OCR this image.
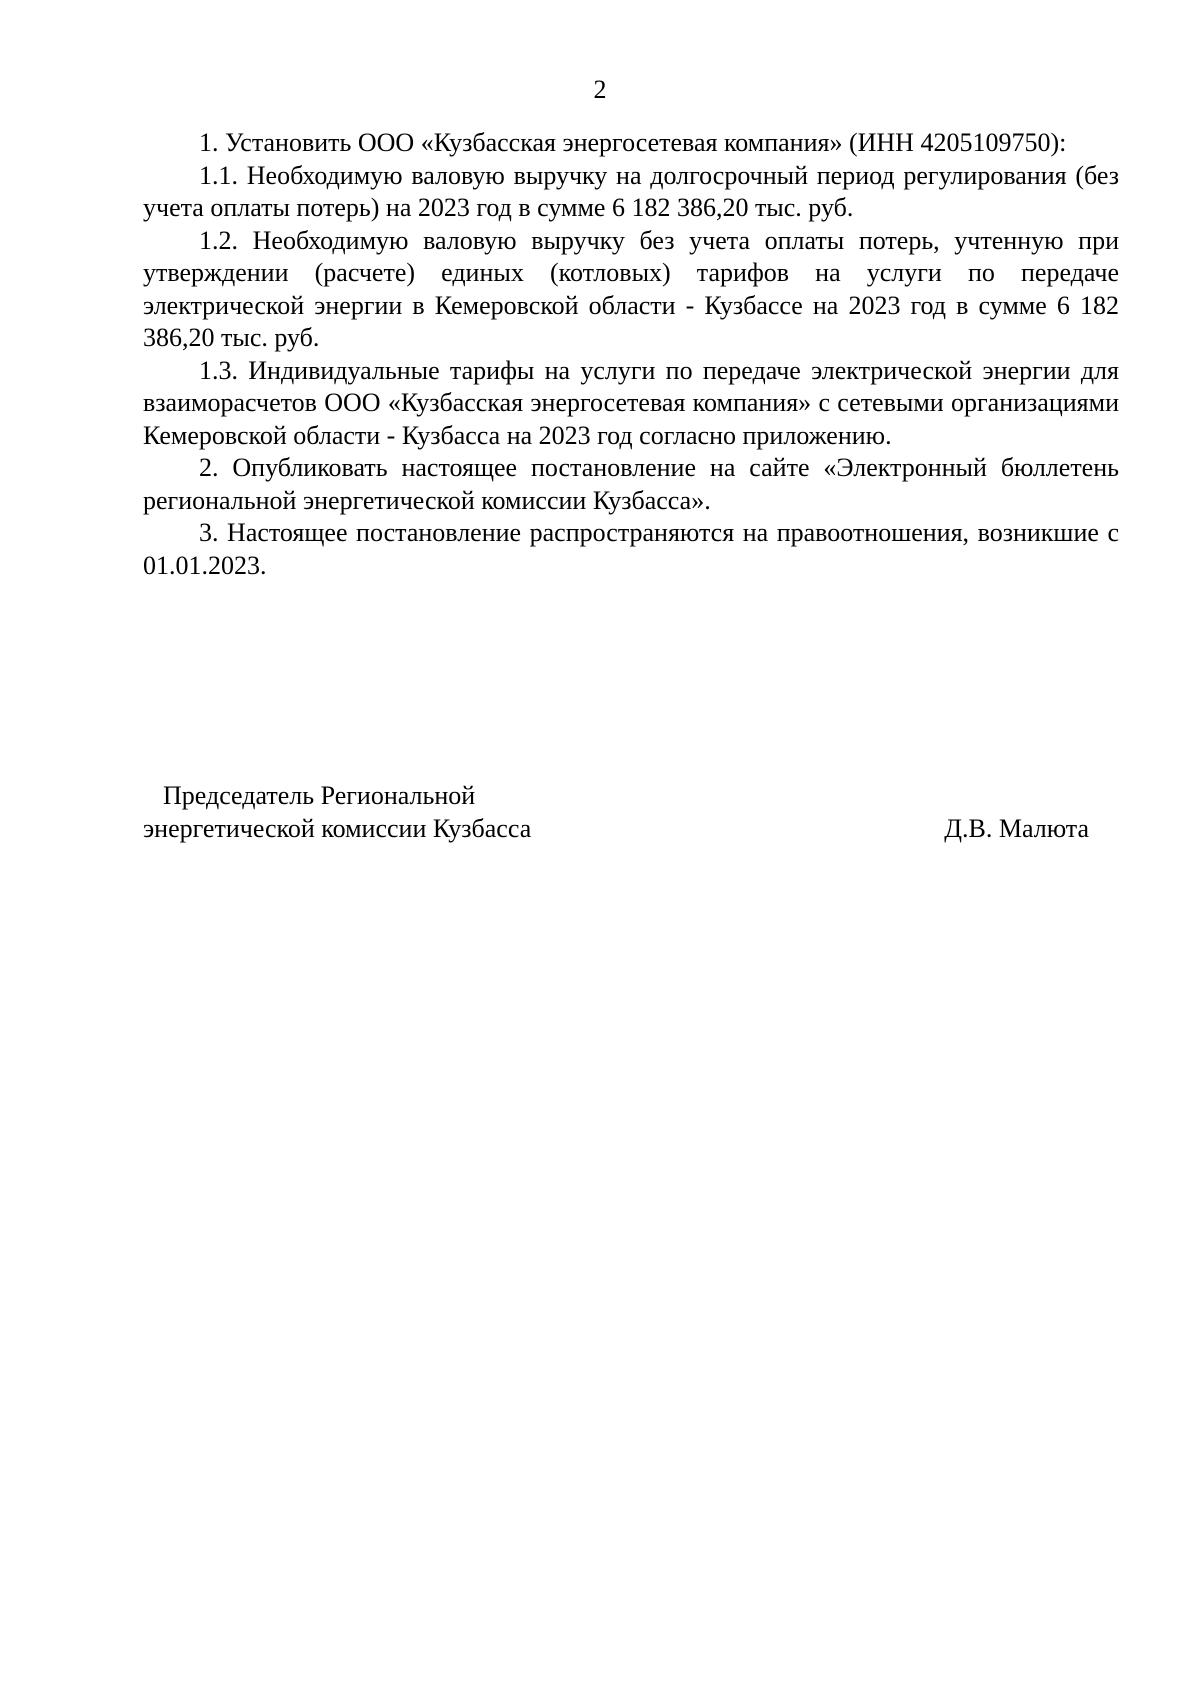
2

1. Установить ООО «Кузбасская энергосетевая компания» (ИНН 4205109750):

1.1. Необходимую валовую выручку на долгосрочный период регулирования (без учета оплаты потерь) на 2023 год в сумме 6 182 386,20 тыс. руб.

1.2. Необходимую валовую выручку без учета оплаты потерь, учтенную при утверждении (расчете) единых (котловых) тарифов на услуги по передаче электрической энергии в Кемеровской области - Кузбассе на 2023 год в сумме 6 182 386,20 тыс. руб.

1.3. Индивидуальные тарифы на услуги по передаче электрической энергии для взаиморасчетов ООО «Кузбасская энергосетевая компания» с сетевыми организациями Кемеровской области - Кузбасса на 2023 год согласно приложению.

2. Опубликовать настоящее постановление на сайте «Электронный бюллетень региональной энергетической комиссии Кузбасса».

3. Настоящее постановление распространяются на правоотношения, возникшие с 01.01.2023.

Председатель Региональной
энергетической комиссии Кузбасса	Д.В. Малюта
